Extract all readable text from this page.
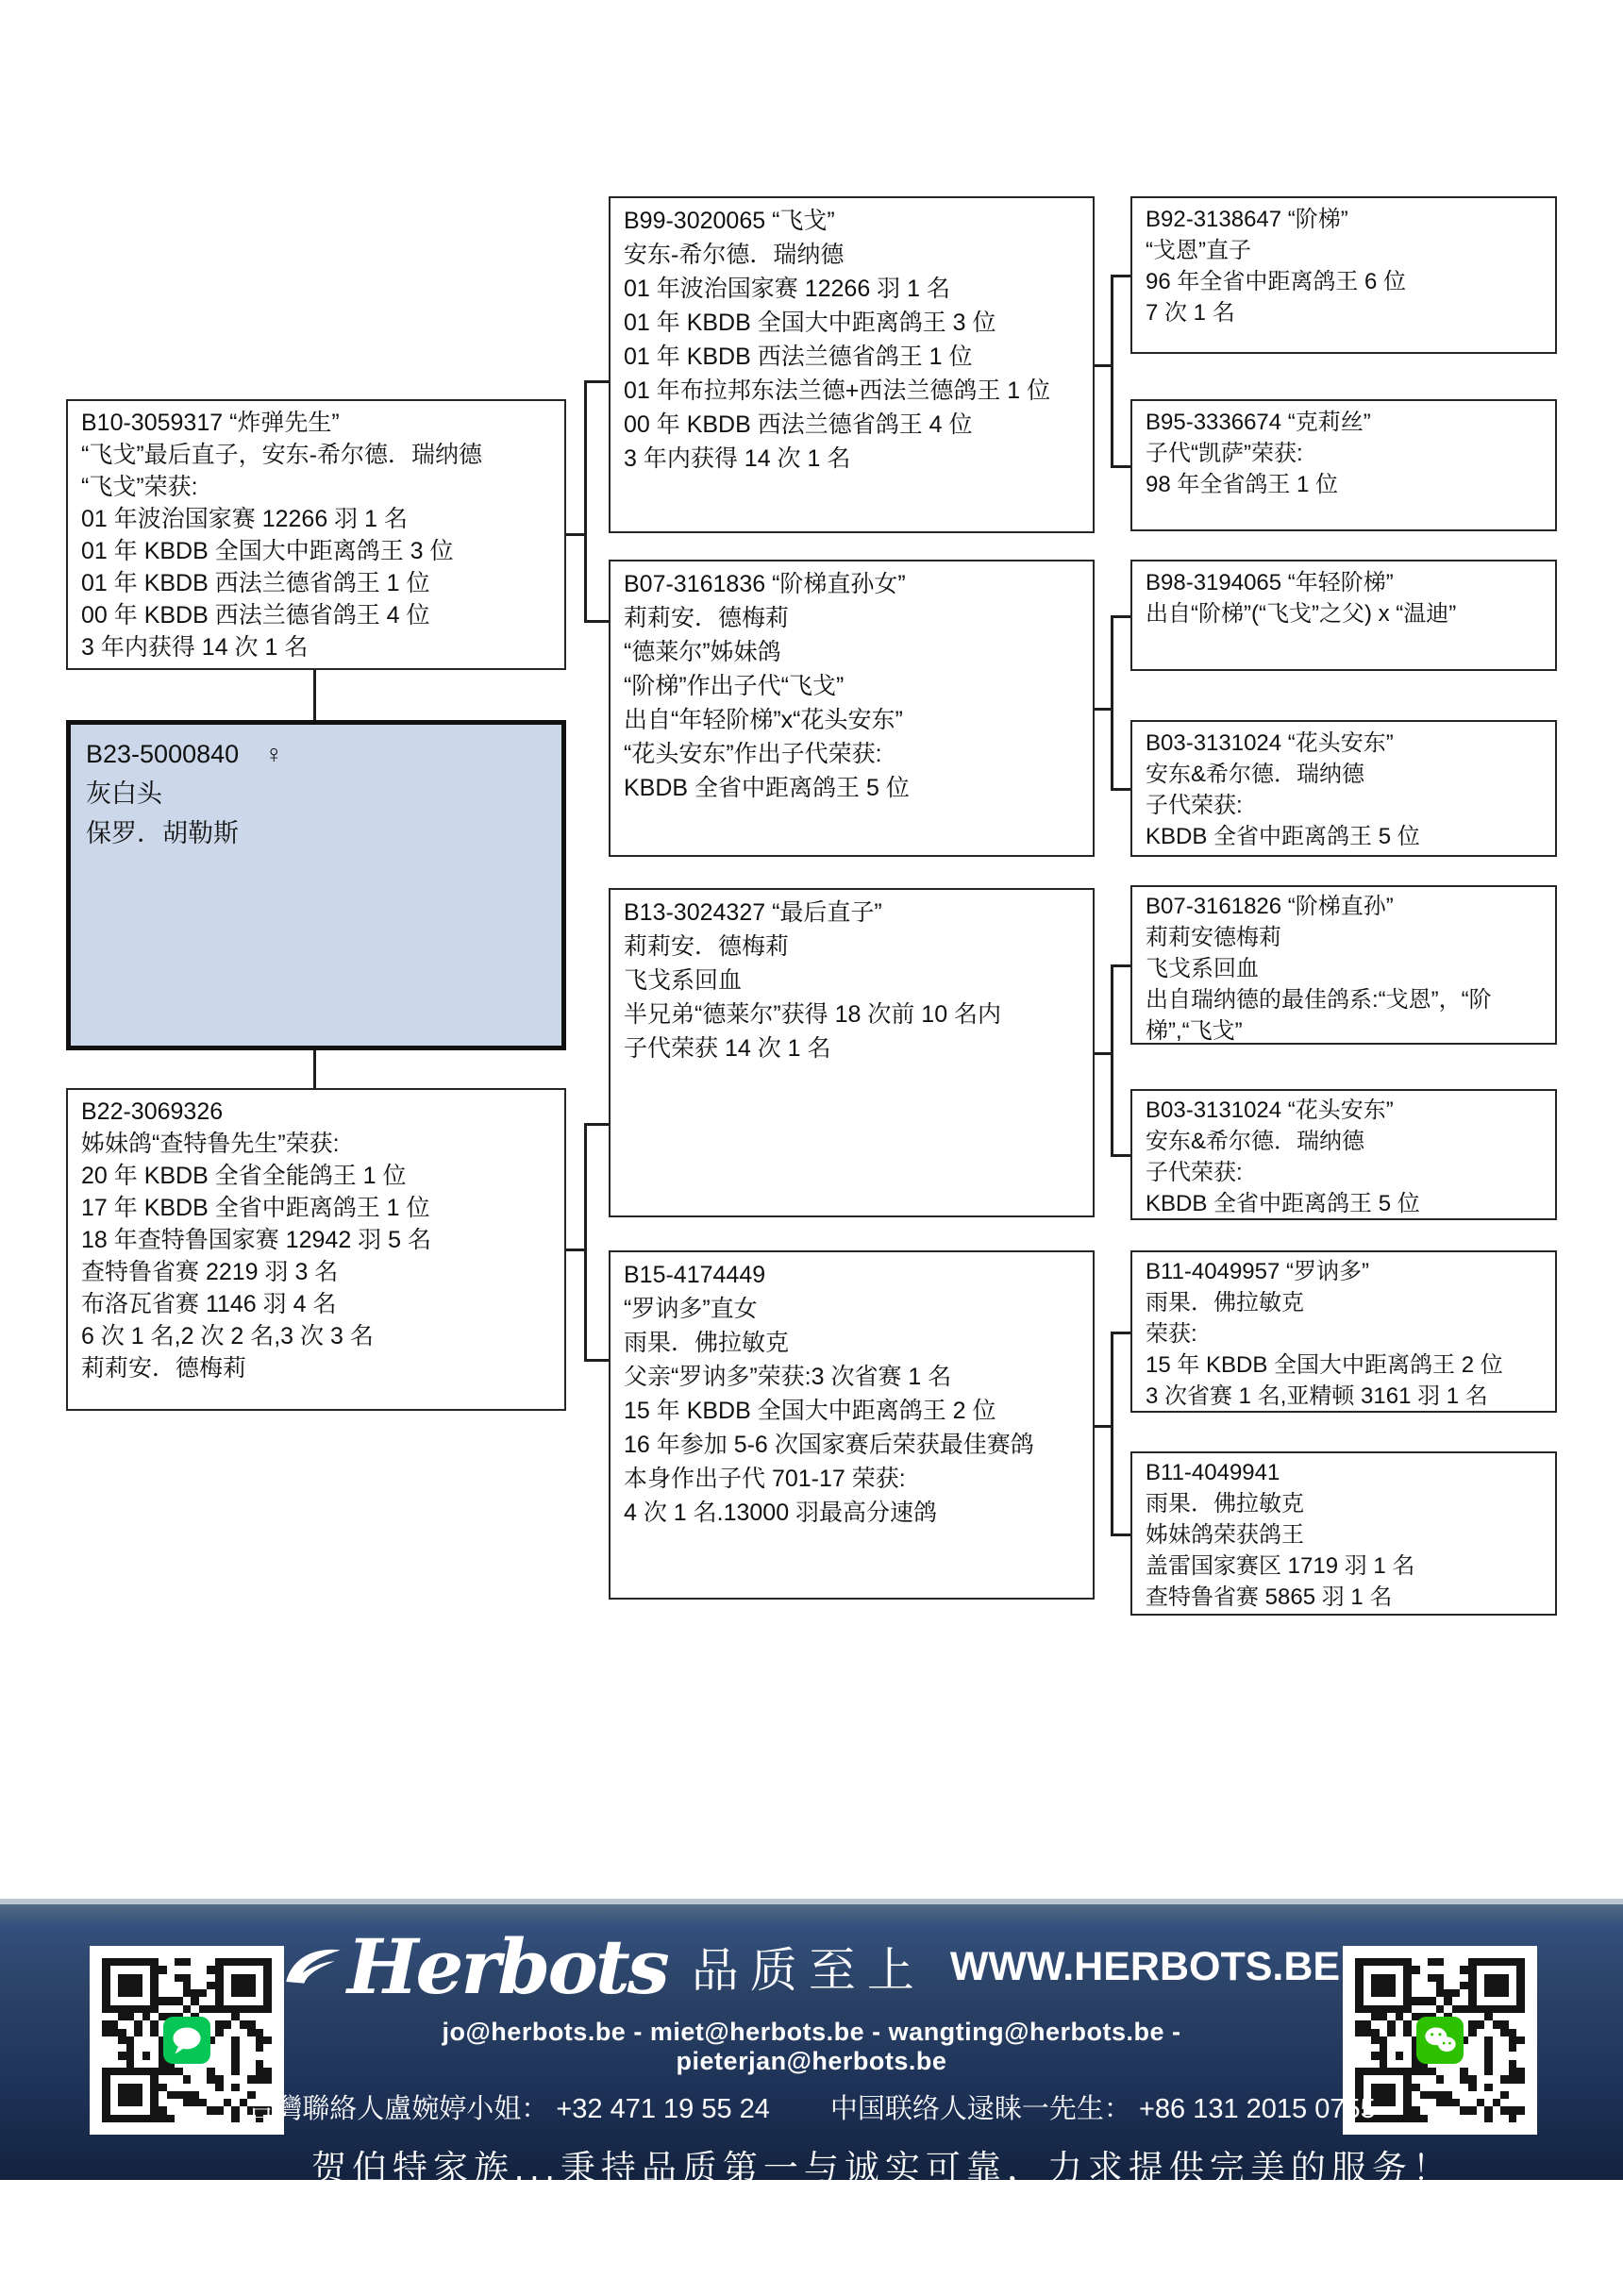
B10-3059317 “炸弹先生”
“飞戈”最后直子，安东-希尔德．瑞纳德
“飞戈”荣获:
01 年波治国家赛 12266 羽 1 名
01 年 KBDB 全国大中距离鸽王 3 位
01 年 KBDB 西法兰德省鸽王 1 位
00 年 KBDB 西法兰德省鸽王 4 位
3 年内获得 14 次 1 名
B23-5000840　♀
灰白头
保罗．胡勒斯
B22-3069326
姊妹鸽“查特鲁先生”荣获:
20 年 KBDB 全省全能鸽王 1 位
17 年 KBDB 全省中距离鸽王 1 位
18 年查特鲁国家赛 12942 羽 5 名
查特鲁省赛 2219 羽 3 名
布洛瓦省赛 1146 羽 4 名
6 次 1 名,2 次 2 名,3 次 3 名
莉莉安．德梅莉
B99-3020065 “飞戈”
安东-希尔德．瑞纳德
01 年波治国家赛 12266 羽 1 名
01 年 KBDB 全国大中距离鸽王 3 位
01 年 KBDB 西法兰德省鸽王 1 位
01 年布拉邦东法兰德+西法兰德鸽王 1 位
00 年 KBDB 西法兰德省鸽王 4 位
3 年内获得 14 次 1 名
B07-3161836 “阶梯直孙女”
莉莉安．德梅莉
“德莱尔”姊妹鸽
“阶梯”作出子代“飞戈”
出自“年轻阶梯”x“花头安东”
“花头安东”作出子代荣获:
KBDB 全省中距离鸽王 5 位
B13-3024327 “最后直子”
莉莉安．德梅莉
飞戈系回血
半兄弟“德莱尔”获得 18 次前 10 名内
子代荣获 14 次 1 名
B15-4174449
“罗讷多”直女
雨果．佛拉敏克
父亲“罗讷多”荣获:3 次省赛 1 名
15 年 KBDB 全国大中距离鸽王 2 位
16 年参加 5-6 次国家赛后荣获最佳赛鸽
本身作出子代 701-17 荣获:
4 次 1 名.13000 羽最高分速鸽
B92-3138647 “阶梯”
“戈恩”直子
96 年全省中距离鸽王 6 位
7 次 1 名
B95-3336674 “克莉丝”
子代“凯萨”荣获:
98 年全省鸽王 1 位
B98-3194065 “年轻阶梯”
出自“阶梯”(“飞戈”之父) x “温迪”
B03-3131024 “花头安东”
安东&希尔德．瑞纳德
子代荣获:
KBDB 全省中距离鸽王 5 位
B07-3161826 “阶梯直孙”
莉莉安德梅莉
飞戈系回血
出自瑞纳德的最佳鸽系:“戈恩”，“阶梯”,“飞戈”
B03-3131024 “花头安东”
安东&希尔德．瑞纳德
子代荣获:
KBDB 全省中距离鸽王 5 位
B11-4049957 “罗讷多”
雨果．佛拉敏克
荣获:
15 年 KBDB 全国大中距离鸽王 2 位
3 次省赛 1 名,亚精顿 3161 羽 1 名
B11-4049941
雨果．佛拉敏克
姊妹鸽荣获鸽王
盖雷国家赛区 1719 羽 1 名
查特鲁省赛 5865 羽 1 名
Herbots 品质至上 WWW.HERBOTS.BE
jo@herbots.be - miet@herbots.be - wangting@herbots.be - pieterjan@herbots.be
台灣聯絡人盧婉婷小姐： +32 471 19 55 24 中国联络人逯睐一先生： +86 131 2015 0755
贺伯特家族...秉持品质第一与诚实可靠，力求提供完美的服务！
